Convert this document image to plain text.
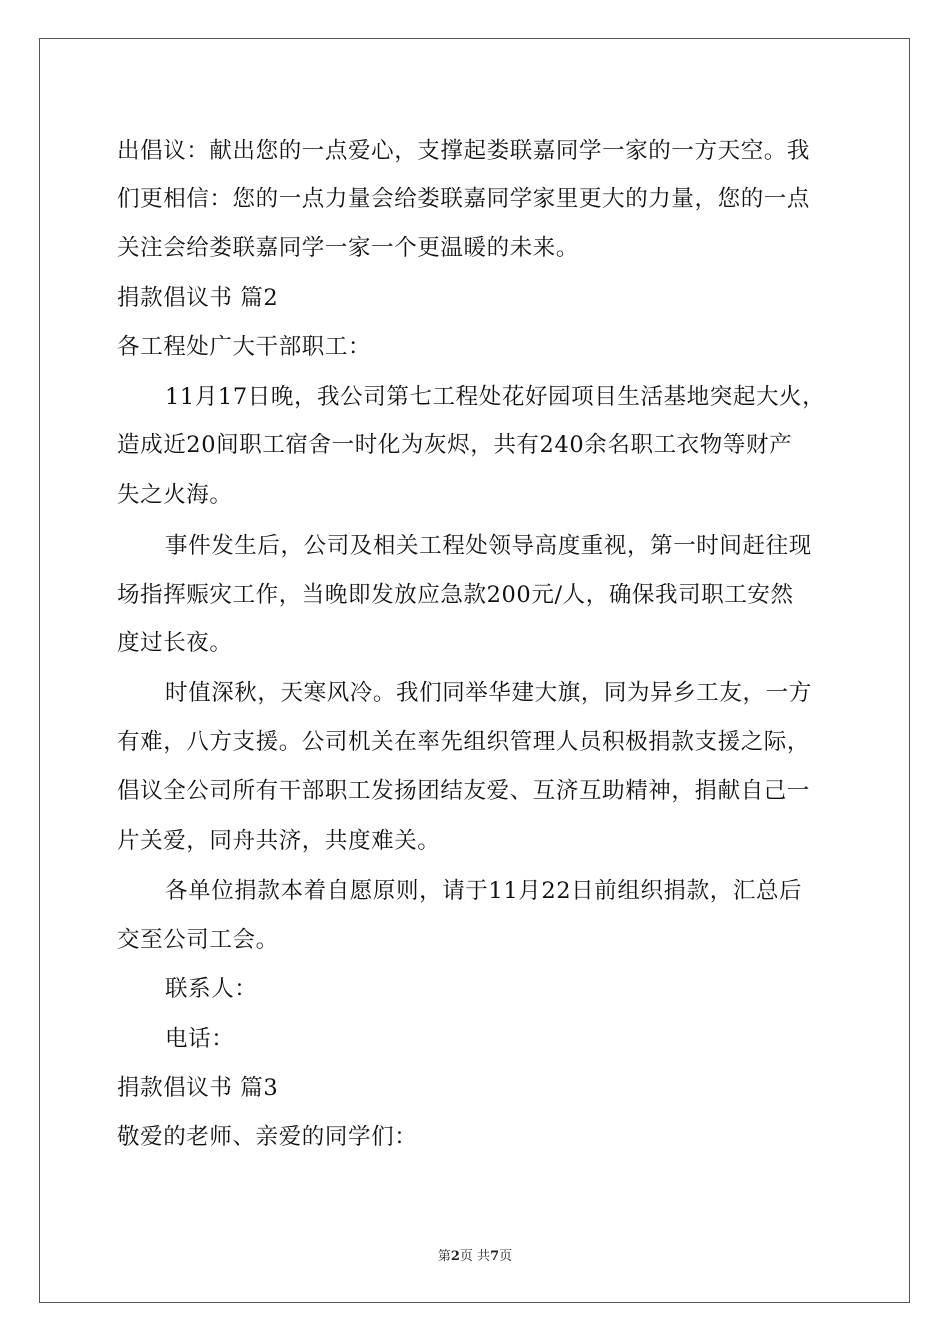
出倡议：献出您的一点爱心，支撑起娄联嘉同学一家的一方天空。我
们更相信：您的一点力量会给娄联嘉同学家里更大的力量，您的一点
关注会给娄联嘉同学一家一个更温暖的未来。
捐款倡议书 篇2
各工程处广大干部职工：
11月17日晚，我公司第七工程处花好园项目生活基地突起大火，
造成近20间职工宿舍一时化为灰烬，共有240余名职工衣物等财产
失之火海。
事件发生后，公司及相关工程处领导高度重视，第一时间赶往现
场指挥赈灾工作，当晚即发放应急款200元/人，确保我司职工安然
度过长夜。
时值深秋，天寒风冷。我们同举华建大旗，同为异乡工友，一方
有难，八方支援。公司机关在率先组织管理人员积极捐款支援之际，
倡议全公司所有干部职工发扬团结友爱、互济互助精神，捐献自己一
片关爱，同舟共济，共度难关。
各单位捐款本着自愿原则，请于11月22日前组织捐款，汇总后
交至公司工会。
联系人：
电话：
捐款倡议书 篇3
敬爱的老师、亲爱的同学们：
第2页 共7页
